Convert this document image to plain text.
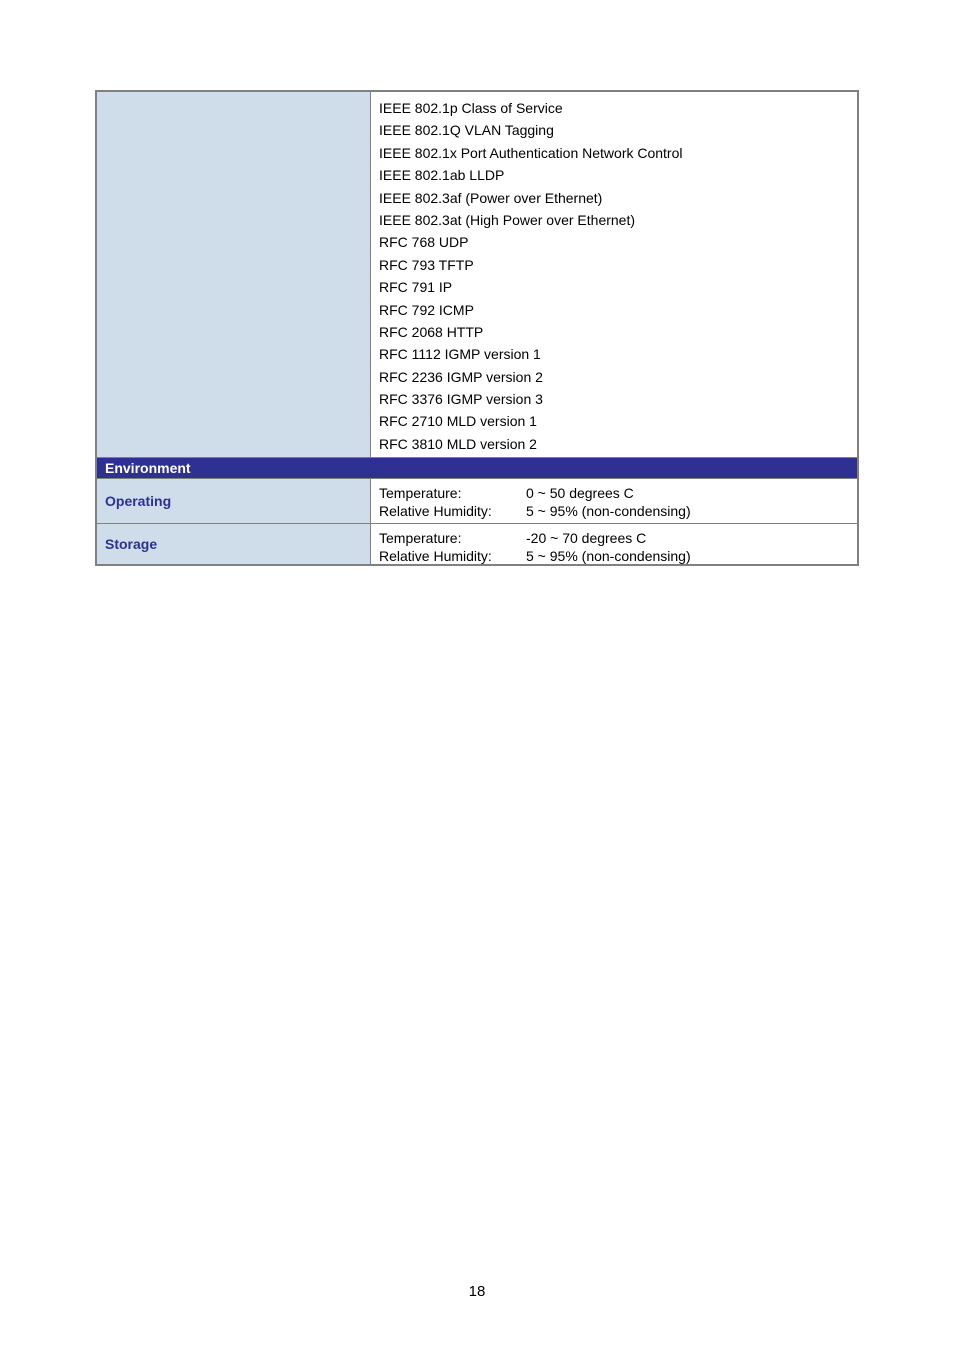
IEEE 802.1p Class of Service
IEEE 802.1Q VLAN Tagging
IEEE 802.1x Port Authentication Network Control
IEEE 802.1ab LLDP
IEEE 802.3af (Power over Ethernet)
IEEE 802.3at (High Power over Ethernet)
RFC 768 UDP
RFC 793 TFTP
RFC 791 IP
RFC 792 ICMP
RFC 2068 HTTP
RFC 1112 IGMP version 1
RFC 2236 IGMP version 2
RFC 3376 IGMP version 3
RFC 2710 MLD version 1
RFC 3810 MLD version 2
Environment
Operating	Temperature:	0 ~ 50 degrees C
Relative Humidity:	5 ~ 95% (non-condensing)
Storage	Temperature:	-20 ~ 70 degrees C
Relative Humidity:	5 ~ 95% (non-condensing)
18
